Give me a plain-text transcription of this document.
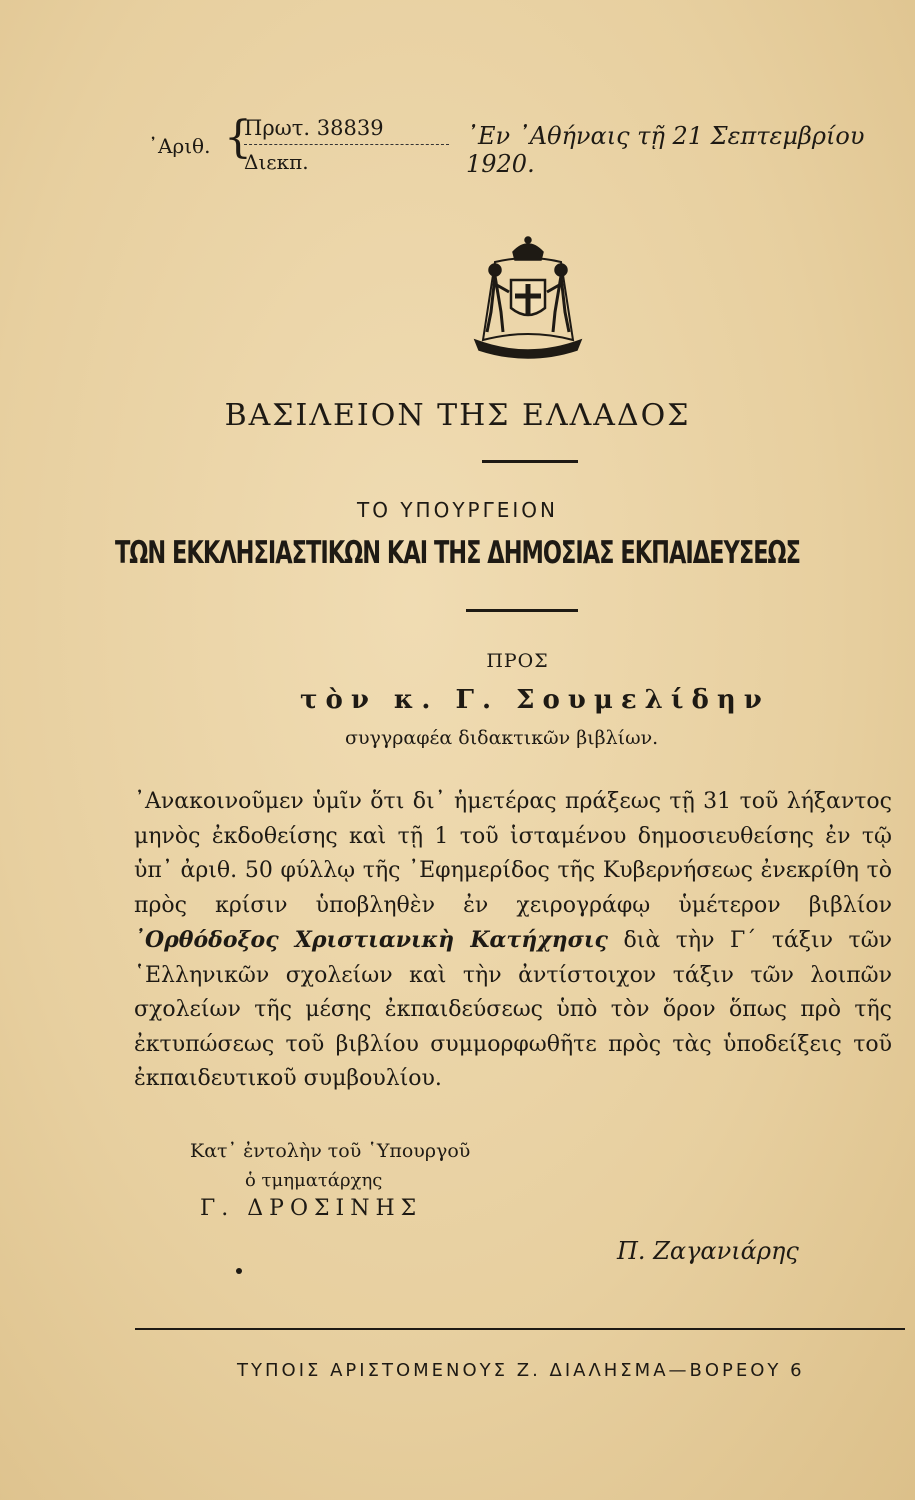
᾿Αριθ. {
Πρωτ. 38839
Διεκπ.
᾿Εν ᾿Αθήναις τῇ 21 Σεπτεμβρίου 1920.
ΒΑΣΙΛΕΙΟΝ ΤΗΣ ΕΛΛΑΔΟΣ
ΤΟ ΥΠΟΥΡΓΕΙΟΝ
ΤΩΝ ΕΚΚΛΗΣΙΑΣΤΙΚΩΝ ΚΑΙ ΤΗΣ ΔΗΜΟΣΙΑΣ ΕΚΠΑΙΔΕΥΣΕΩΣ
ΠΡΟΣ
τὸν κ. Γ. Σουμελίδην
συγγραφέα διδακτικῶν βιβλίων.
᾿Ανακοινοῦμεν ὑμῖν ὅτι δι᾿ ἡμετέρας πράξεως τῇ 31 τοῦ λήξαντος μηνὸς ἐκδοθείσης καὶ τῇ 1 τοῦ ἱσταμένου δημοσιευθείσης ἐν τῷ ὑπ᾿ ἀριθ. 50 φύλλῳ τῆς ᾿Εφημερίδος τῆς Κυβερνήσεως ἐνεκρίθη τὸ πρὸς κρίσιν ὑποβληθὲν ἐν χειρογράφῳ ὑμέτερον βιβλίον ᾿Ορθόδοξος Χριστιανικὴ Κατήχησις διὰ τὴν Γ΄ τάξιν τῶν ῾Ελληνικῶν σχολείων καὶ τὴν ἀντίστοιχον τάξιν τῶν λοιπῶν σχολείων τῆς μέσης ἐκπαιδεύσεως ὑπὸ τὸν ὅρον ὅπως πρὸ τῆς ἐκτυπώσεως τοῦ βιβλίου συμμορφωθῆτε πρὸς τὰς ὑποδείξεις τοῦ ἐκπαιδευτικοῦ συμβουλίου.
Κατ᾿ ἐντολὴν τοῦ ῾Υπουργοῦ
ὁ τμηματάρχης
Γ. ΔΡΟΣΙΝΗΣ
Π. Ζαγανιάρης
ΤΥΠΟΙΣ ΑΡΙΣΤΟΜΕΝΟΥΣ Ζ. ΔΙΑΛΗΣΜΑ—ΒΟΡΕΟΥ 6
